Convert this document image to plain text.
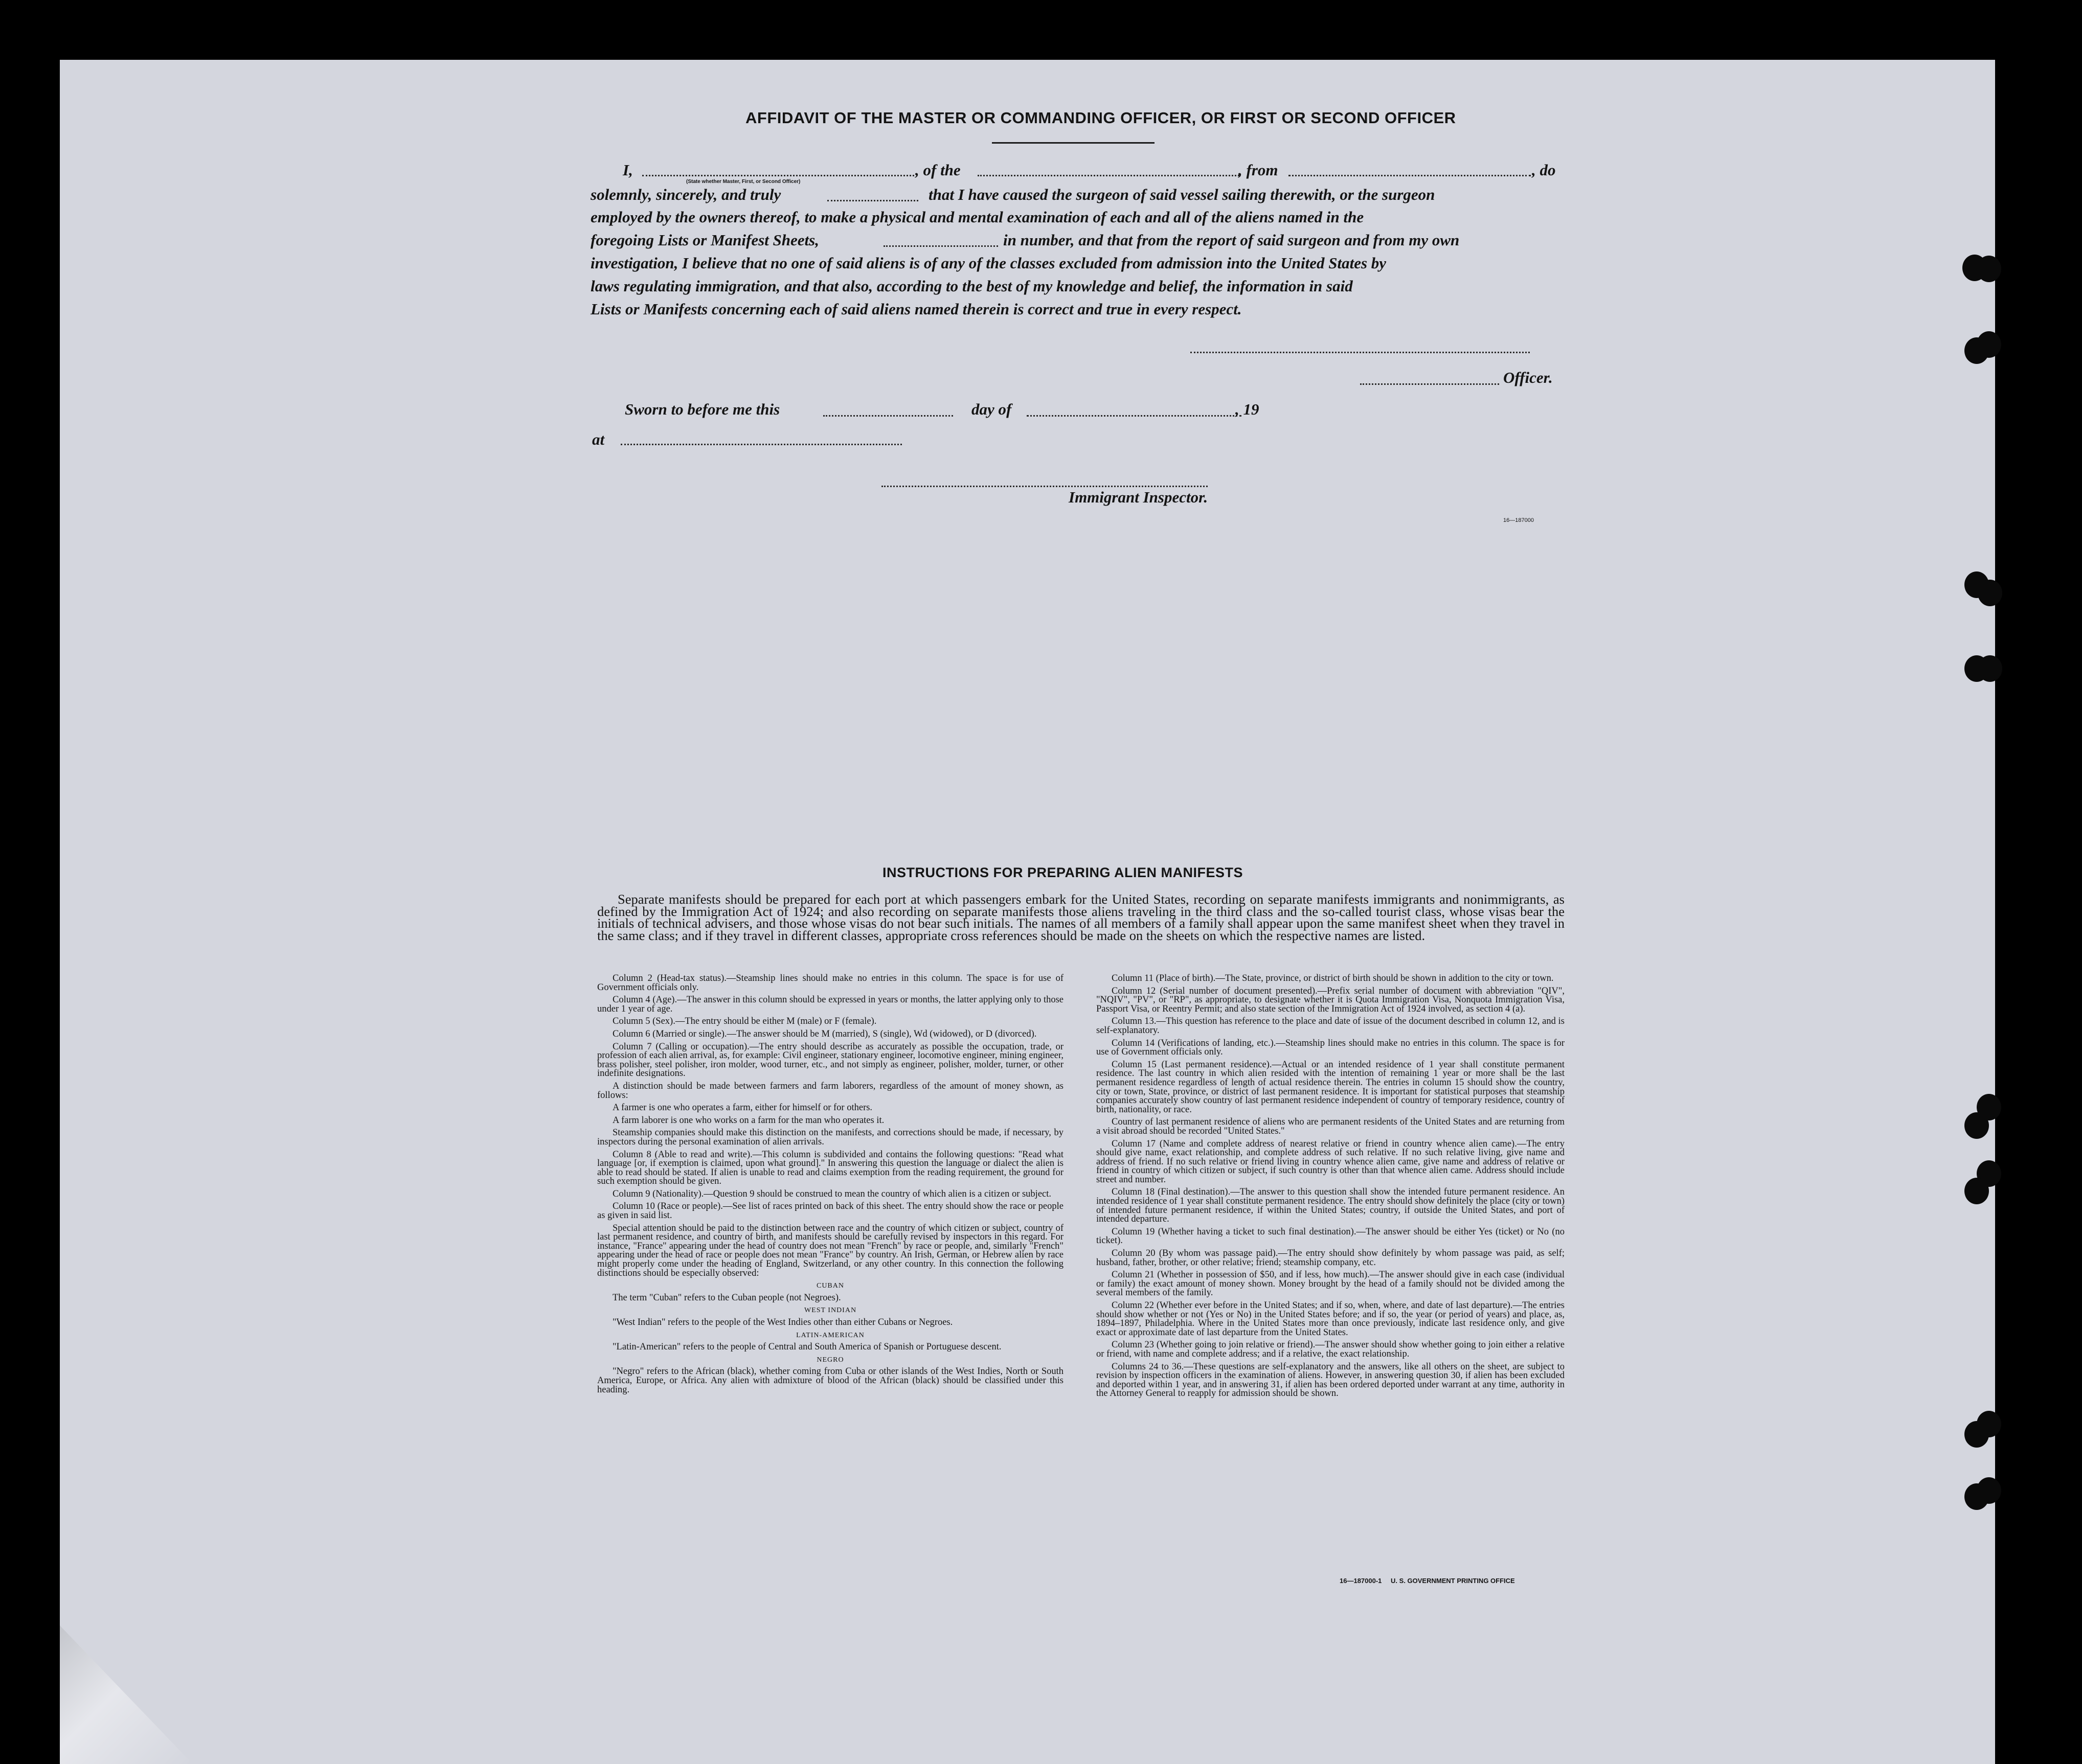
AFFIDAVIT OF THE MASTER OR COMMANDING OFFICER, OR FIRST OR SECOND OFFICER
I,
(State whether Master, First, or Second Officer)
, of the	, from	, do
solemnly, sincerely, and truly	that I have caused the surgeon of said vessel sailing therewith, or the surgeon
employed by the owners thereof, to make a physical and mental examination of each and all of the aliens named in the
foregoing Lists or Manifest Sheets,	in number, and that from the report of said surgeon and from my own
investigation, I believe that no one of said aliens is of any of the classes excluded from admission into the United States by
laws regulating immigration, and that also, according to the best of my knowledge and belief, the information in said
Lists or Manifests concerning each of said aliens named therein is correct and true in every respect.
Officer.
Sworn to before me this	day of	, 19
at
Immigrant Inspector.
16—187000
INSTRUCTIONS FOR PREPARING ALIEN MANIFESTS
Separate manifests should be prepared for each port at which passengers embark for the United States, recording on separate manifests immigrants and nonimmigrants, as defined by the Immigration Act of 1924; and also recording on separate manifests those aliens traveling in the third class and the so-called tourist class, whose visas bear the initials of technical advisers, and those whose visas do not bear such initials. The names of all members of a family shall appear upon the same manifest sheet when they travel in the same class; and if they travel in different classes, appropriate cross references should be made on the sheets on which the respective names are listed.

Column 2 (Head-tax status).—Steamship lines should make no entries in this column. The space is for use of Government officials only.

Column 4 (Age).—The answer in this column should be expressed in years or months, the latter applying only to those under 1 year of age.

Column 5 (Sex).—The entry should be either M (male) or F (female).

Column 6 (Married or single).—The answer should be M (married), S (single), Wd (widowed), or D (divorced).

Column 7 (Calling or occupation).—The entry should describe as accurately as possible the occupation, trade, or profession of each alien arrival, as, for example: Civil engineer, stationary engineer, locomotive engineer, mining engineer, brass polisher, steel polisher, iron molder, wood turner, etc., and not simply as engineer, polisher, molder, turner, or other indefinite designations.

A distinction should be made between farmers and farm laborers, regardless of the amount of money shown, as follows:

A farmer is one who operates a farm, either for himself or for others.

A farm laborer is one who works on a farm for the man who operates it.

Steamship companies should make this distinction on the manifests, and corrections should be made, if necessary, by inspectors during the personal examination of alien arrivals.

Column 8 (Able to read and write).—This column is subdivided and contains the following questions: "Read what language [or, if exemption is claimed, upon what ground]." In answering this question the language or dialect the alien is able to read should be stated. If alien is unable to read and claims exemption from the reading requirement, the ground for such exemption should be given.

Column 9 (Nationality).—Question 9 should be construed to mean the country of which alien is a citizen or subject.

Column 10 (Race or people).—See list of races printed on back of this sheet. The entry should show the race or people as given in said list.

Special attention should be paid to the distinction between race and the country of which citizen or subject, country of last permanent residence, and country of birth, and manifests should be carefully revised by inspectors in this regard. For instance, "France" appearing under the head of country does not mean "French" by race or people, and, similarly "French" appearing under the head of race or people does not mean "France" by country. An Irish, German, or Hebrew alien by race might properly come under the heading of England, Switzerland, or any other country. In this connection the following distinctions should be especially observed:

CUBAN

The term "Cuban" refers to the Cuban people (not Negroes).

WEST INDIAN

"West Indian" refers to the people of the West Indies other than either Cubans or Negroes.

LATIN-AMERICAN

"Latin-American" refers to the people of Central and South America of Spanish or Portuguese descent.

NEGRO

"Negro" refers to the African (black), whether coming from Cuba or other islands of the West Indies, North or South America, Europe, or Africa. Any alien with admixture of blood of the African (black) should be classified under this heading.

Column 11 (Place of birth).—The State, province, or district of birth should be shown in addition to the city or town.

Column 12 (Serial number of document presented).—Prefix serial number of document with abbreviation "QIV", "NQIV", "PV", or "RP", as appropriate, to designate whether it is Quota Immigration Visa, Nonquota Immigration Visa, Passport Visa, or Reentry Permit; and also state section of the Immigration Act of 1924 involved, as section 4 (a).

Column 13.—This question has reference to the place and date of issue of the document described in column 12, and is self-explanatory.

Column 14 (Verifications of landing, etc.).—Steamship lines should make no entries in this column. The space is for use of Government officials only.

Column 15 (Last permanent residence).—Actual or an intended residence of 1 year shall constitute permanent residence. The last country in which alien resided with the intention of remaining 1 year or more shall be the last permanent residence regardless of length of actual residence therein. The entries in column 15 should show the country, city or town, State, province, or district of last permanent residence. It is important for statistical purposes that steamship companies accurately show country of last permanent residence independent of country of temporary residence, country of birth, nationality, or race.

Country of last permanent residence of aliens who are permanent residents of the United States and are returning from a visit abroad should be recorded "United States."

Column 17 (Name and complete address of nearest relative or friend in country whence alien came).—The entry should give name, exact relationship, and complete address of such relative. If no such relative living, give name and address of friend. If no such relative or friend living in country whence alien came, give name and address of relative or friend in country of which citizen or subject, if such country is other than that whence alien came. Address should include street and number.

Column 18 (Final destination).—The answer to this question shall show the intended future permanent residence. An intended residence of 1 year shall constitute permanent residence. The entry should show definitely the place (city or town) of intended future permanent residence, if within the United States; country, if outside the United States, and port of intended departure.

Column 19 (Whether having a ticket to such final destination).—The answer should be either Yes (ticket) or No (no ticket).

Column 20 (By whom was passage paid).—The entry should show definitely by whom passage was paid, as self; husband, father, brother, or other relative; friend; steamship company, etc.

Column 21 (Whether in possession of $50, and if less, how much).—The answer should give in each case (individual or family) the exact amount of money shown. Money brought by the head of a family should not be divided among the several members of the family.

Column 22 (Whether ever before in the United States; and if so, when, where, and date of last departure).—The entries should show whether or not (Yes or No) in the United States before; and if so, the year (or period of years) and place, as, 1894–1897, Philadelphia. Where in the United States more than once previously, indicate last residence only, and give exact or approximate date of last departure from the United States.

Column 23 (Whether going to join relative or friend).—The answer should show whether going to join either a relative or friend, with name and complete address; and if a relative, the exact relationship.

Columns 24 to 36.—These questions are self-explanatory and the answers, like all others on the sheet, are subject to revision by inspection officers in the examination of aliens. However, in answering question 30, if alien has been excluded and deported within 1 year, and in answering 31, if alien has been ordered deported under warrant at any time, authority in the Attorney General to reapply for admission should be shown.

16—187000-1 U. S. GOVERNMENT PRINTING OFFICE
